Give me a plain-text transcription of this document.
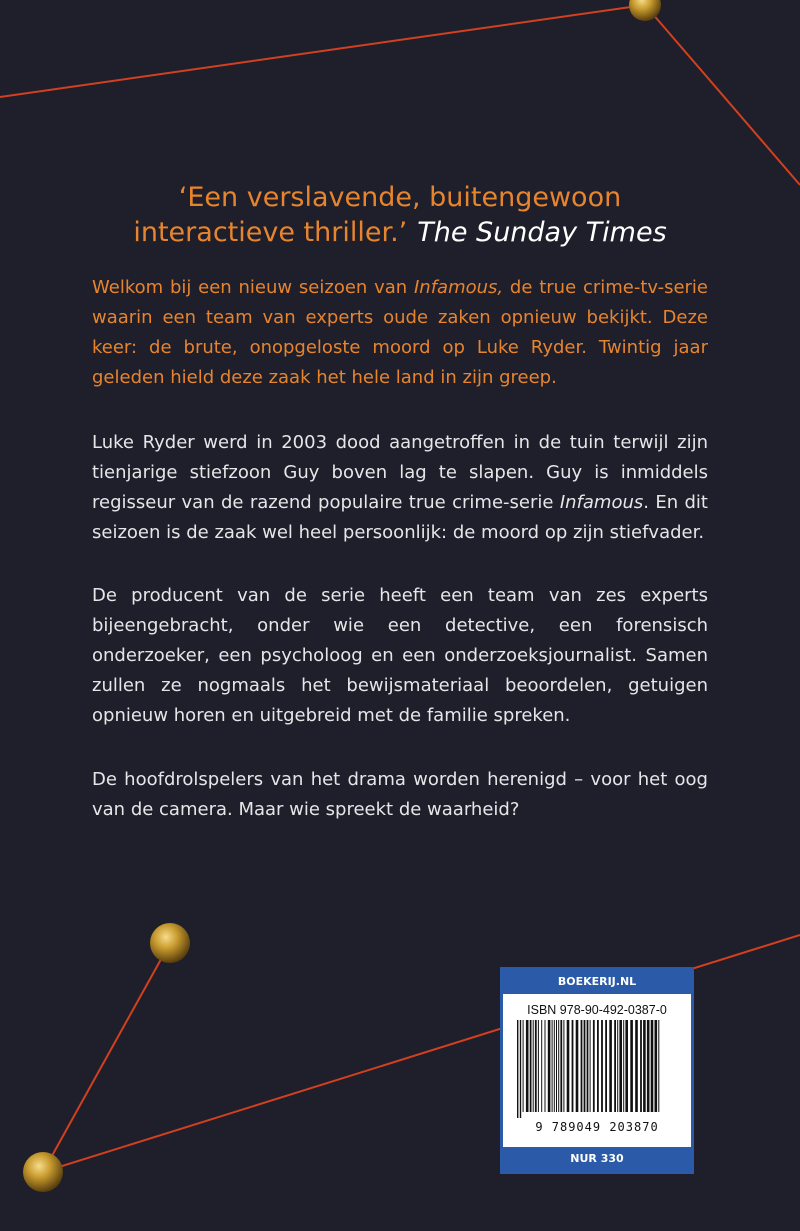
‘Een verslavende, buitengewoon
interactieve thriller.’ The Sunday Times
Welkom bij een nieuw seizoen van Infamous, de true crime-tv-serie waarin een team van experts oude zaken opnieuw bekijkt. Deze keer: de brute, onopgeloste moord op Luke Ryder. Twintig jaar geleden hield deze zaak het hele land in zijn greep.
Luke Ryder werd in 2003 dood aangetroffen in de tuin terwijl zijn tienjarige stiefzoon Guy boven lag te slapen. Guy is inmiddels regisseur van de razend populaire true crime-serie Infamous. En dit seizoen is de zaak wel heel persoonlijk: de moord op zijn stiefvader.
De producent van de serie heeft een team van zes experts bijeengebracht, onder wie een detective, een forensisch onderzoeker, een psycholoog en een onderzoeksjournalist. Samen zullen ze nogmaals het bewijsmateriaal beoordelen, getuigen opnieuw horen en uitgebreid met de familie spreken.
De hoofdrolspelers van het drama worden herenigd – voor het oog van de camera. Maar wie spreekt de waarheid?
BOEKERIJ.NL
ISBN 978-90-492-0387-0
9 789049 203870
NUR 330
